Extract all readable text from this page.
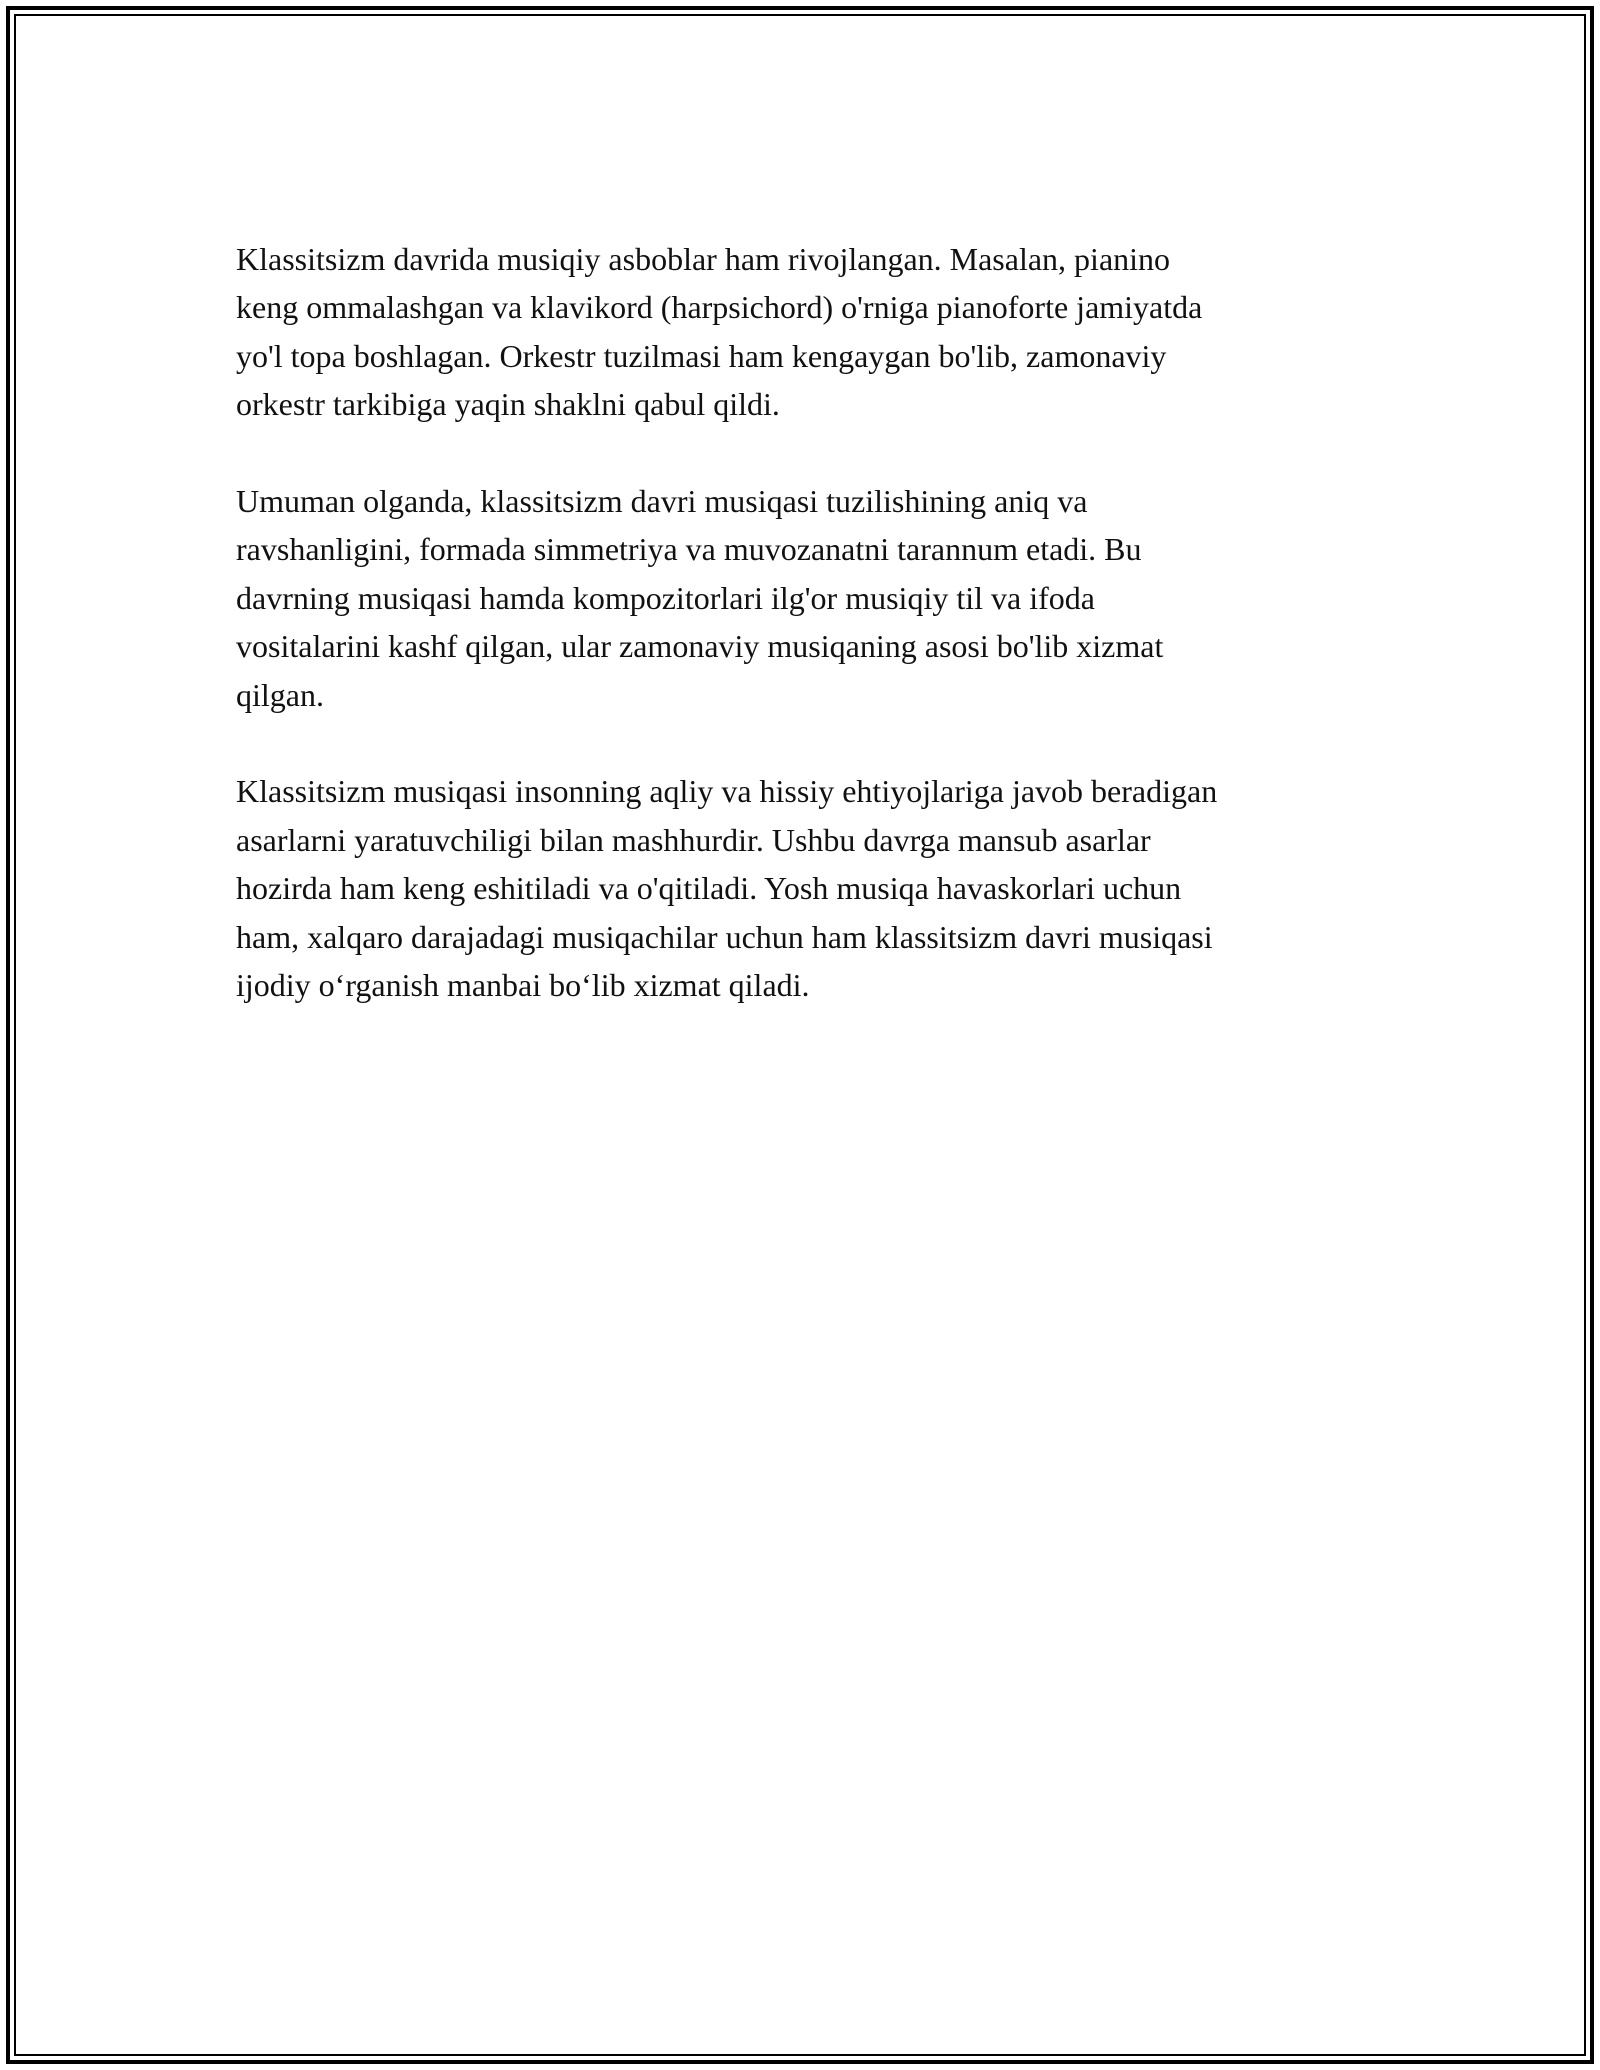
Klassitsizm davrida musiqiy asboblar ham rivojlangan. Masalan, pianino
keng ommalashgan va klavikord (harpsichord) o'rniga pianoforte jamiyatda
yo'l topa boshlagan. Orkestr tuzilmasi ham kengaygan bo'lib, zamonaviy
orkestr tarkibiga yaqin shaklni qabul qildi.

Umuman olganda, klassitsizm davri musiqasi tuzilishining aniq va
ravshanligini, formada simmetriya va muvozanatni tarannum etadi. Bu
davrning musiqasi hamda kompozitorlari ilg'or musiqiy til va ifoda
vositalarini kashf qilgan, ular zamonaviy musiqaning asosi bo'lib xizmat
qilgan.

Klassitsizm musiqasi insonning aqliy va hissiy ehtiyojlariga javob beradigan
asarlarni yaratuvchiligi bilan mashhurdir. Ushbu davrga mansub asarlar
hozirda ham keng eshitiladi va o'qitiladi. Yosh musiqa havaskorlari uchun
ham, xalqaro darajadagi musiqachilar uchun ham klassitsizm davri musiqasi
ijodiy o‘rganish manbai bo‘lib xizmat qiladi.
